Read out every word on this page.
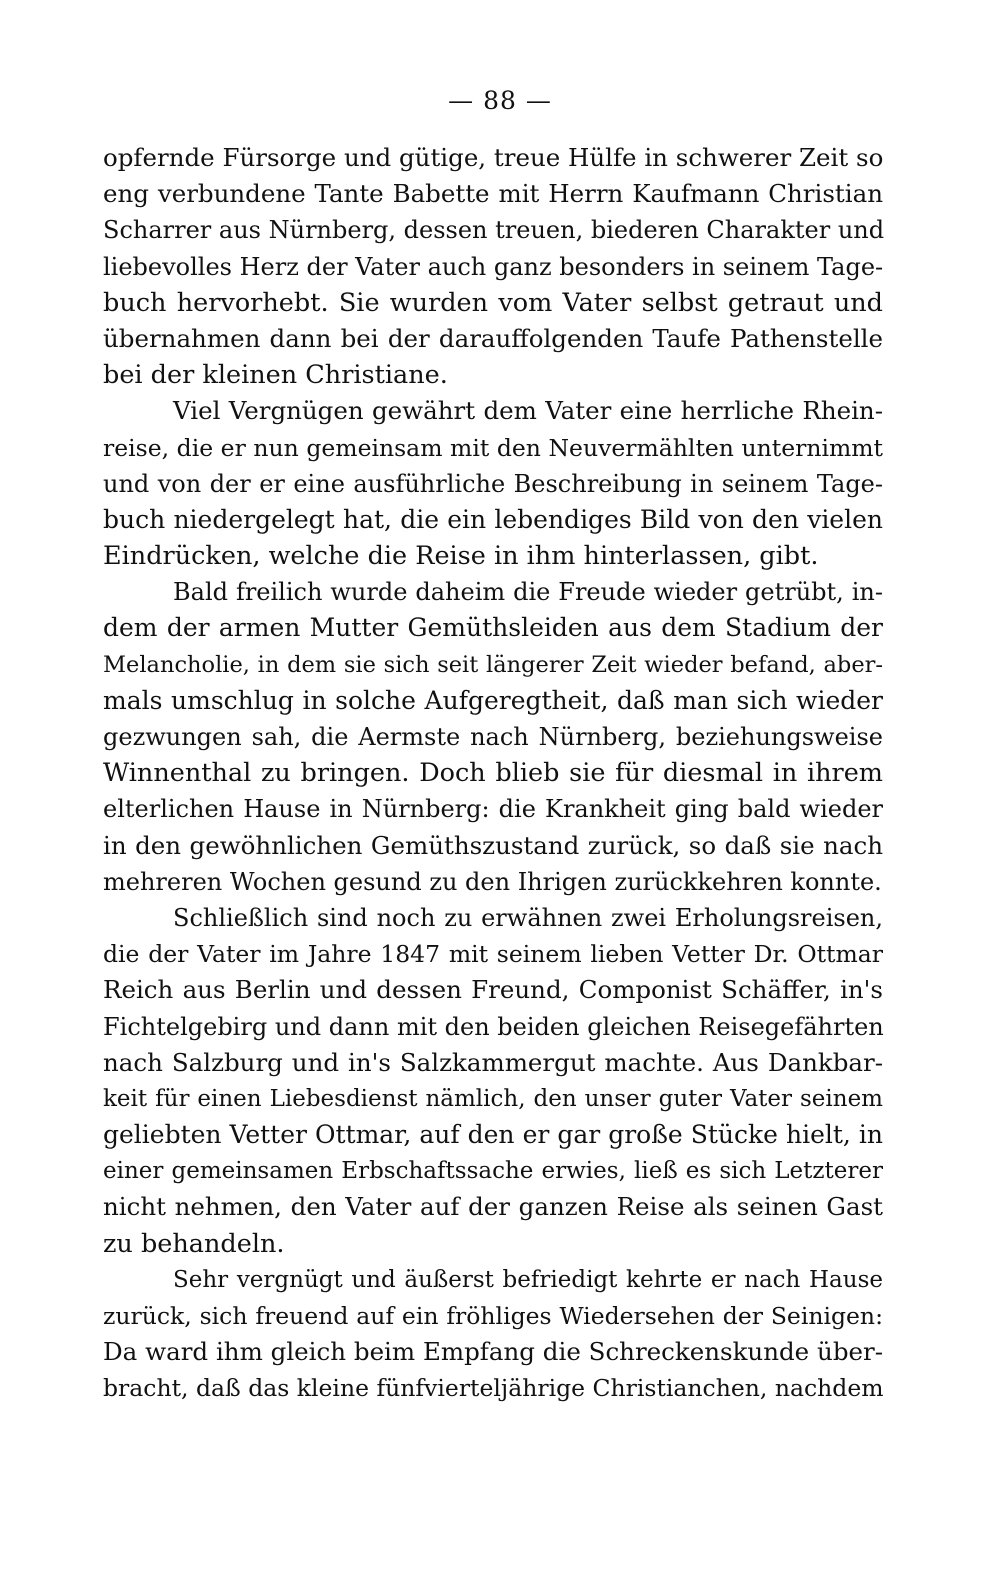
— 88 —
opfernde Fürsorge und gütige, treue Hülfe in schwerer Zeit so
eng verbundene Tante Babette mit Herrn Kaufmann Christian
Scharrer aus Nürnberg, dessen treuen, biederen Charakter und
liebevolles Herz der Vater auch ganz besonders in seinem Tage-
buch hervorhebt. Sie wurden vom Vater selbst getraut und
übernahmen dann bei der darauffolgenden Taufe Pathenstelle
bei der kleinen Christiane.
Viel Vergnügen gewährt dem Vater eine herrliche Rhein-
reise, die er nun gemeinsam mit den Neuvermählten unternimmt
und von der er eine ausführliche Beschreibung in seinem Tage-
buch niedergelegt hat, die ein lebendiges Bild von den vielen
Eindrücken, welche die Reise in ihm hinterlassen, gibt.
Bald freilich wurde daheim die Freude wieder getrübt, in-
dem der armen Mutter Gemüthsleiden aus dem Stadium der
Melancholie, in dem sie sich seit längerer Zeit wieder befand, aber-
mals umschlug in solche Aufgeregtheit, daß man sich wieder
gezwungen sah, die Aermste nach Nürnberg, beziehungsweise
Winnenthal zu bringen. Doch blieb sie für diesmal in ihrem
elterlichen Hause in Nürnberg: die Krankheit ging bald wieder
in den gewöhnlichen Gemüthszustand zurück, so daß sie nach
mehreren Wochen gesund zu den Ihrigen zurückkehren konnte.
Schließlich sind noch zu erwähnen zwei Erholungsreisen,
die der Vater im Jahre 1847 mit seinem lieben Vetter Dr. Ottmar
Reich aus Berlin und dessen Freund, Componist Schäffer, in's
Fichtelgebirg und dann mit den beiden gleichen Reisegefährten
nach Salzburg und in's Salzkammergut machte. Aus Dankbar-
keit für einen Liebesdienst nämlich, den unser guter Vater seinem
geliebten Vetter Ottmar, auf den er gar große Stücke hielt, in
einer gemeinsamen Erbschaftssache erwies, ließ es sich Letzterer
nicht nehmen, den Vater auf der ganzen Reise als seinen Gast
zu behandeln.
Sehr vergnügt und äußerst befriedigt kehrte er nach Hause
zurück, sich freuend auf ein fröhliges Wiedersehen der Seinigen:
Da ward ihm gleich beim Empfang die Schreckenskunde über-
bracht, daß das kleine fünfvierteljährige Christianchen, nachdem
